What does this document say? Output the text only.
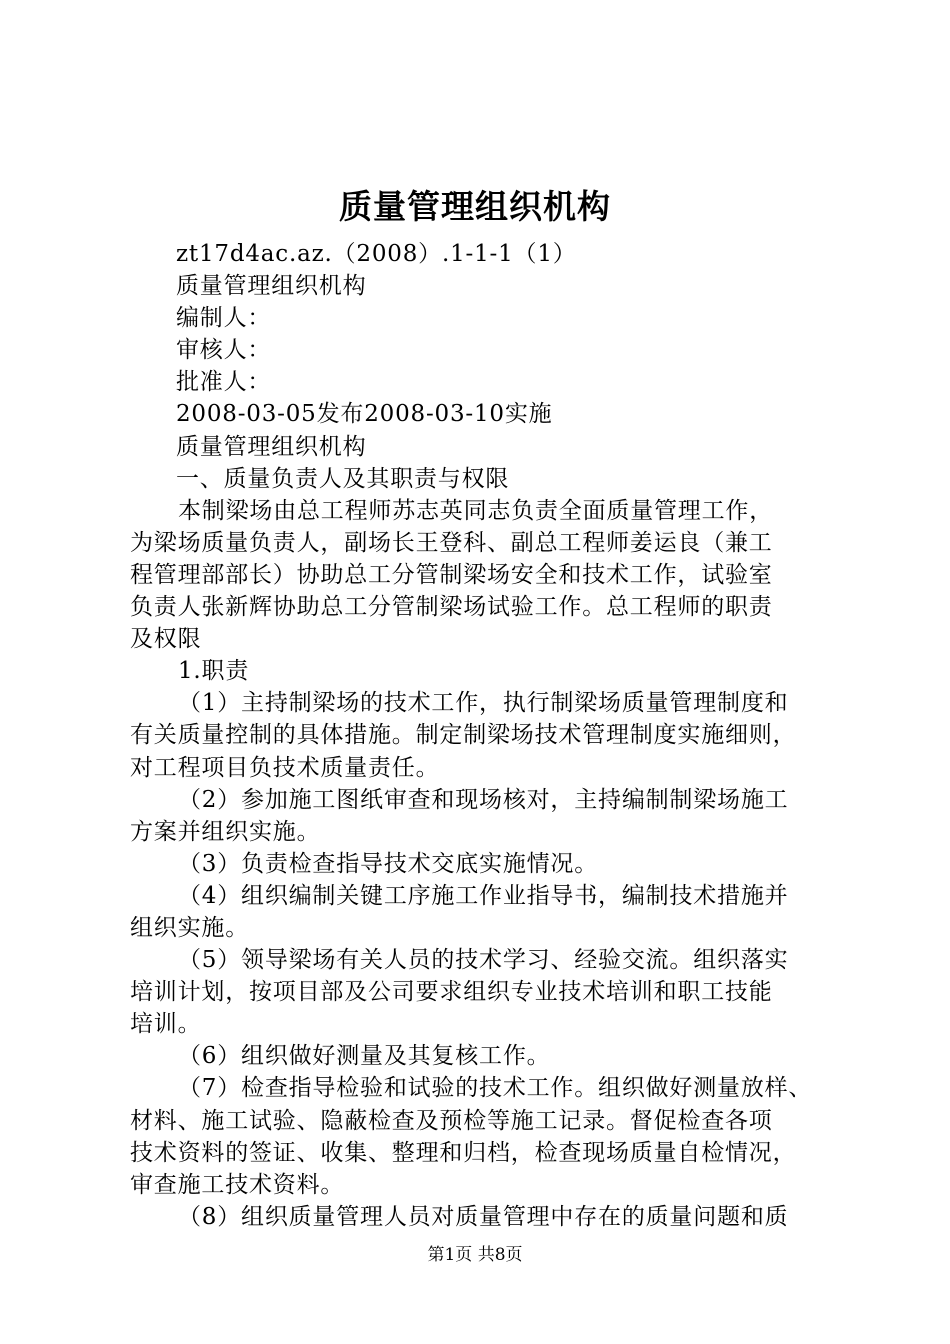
质量管理组织机构
zt17d4ac.az.（2008）.1-1-1（1）
质量管理组织机构
编制人：
审核人：
批准人：
2008-03-05发布2008-03-10实施
质量管理组织机构
一、质量负责人及其职责与权限
本制梁场由总工程师苏志英同志负责全面质量管理工作，
为梁场质量负责人，副场长王登科、副总工程师姜运良（兼工
程管理部部长）协助总工分管制梁场安全和技术工作，试验室
负责人张新辉协助总工分管制梁场试验工作。总工程师的职责
及权限
1.职责
（1）主持制梁场的技术工作，执行制梁场质量管理制度和
有关质量控制的具体措施。制定制梁场技术管理制度实施细则，
对工程项目负技术质量责任。
（2）参加施工图纸审查和现场核对，主持编制制梁场施工
方案并组织实施。
（3）负责检查指导技术交底实施情况。
（4）组织编制关键工序施工作业指导书，编制技术措施并
组织实施。
（5）领导梁场有关人员的技术学习、经验交流。组织落实
培训计划，按项目部及公司要求组织专业技术培训和职工技能
培训。
（6）组织做好测量及其复核工作。
（7）检查指导检验和试验的技术工作。组织做好测量放样、
材料、施工试验、隐蔽检查及预检等施工记录。督促检查各项
技术资料的签证、收集、整理和归档，检查现场质量自检情况，
审查施工技术资料。
（8）组织质量管理人员对质量管理中存在的质量问题和质
第1页 共8页
